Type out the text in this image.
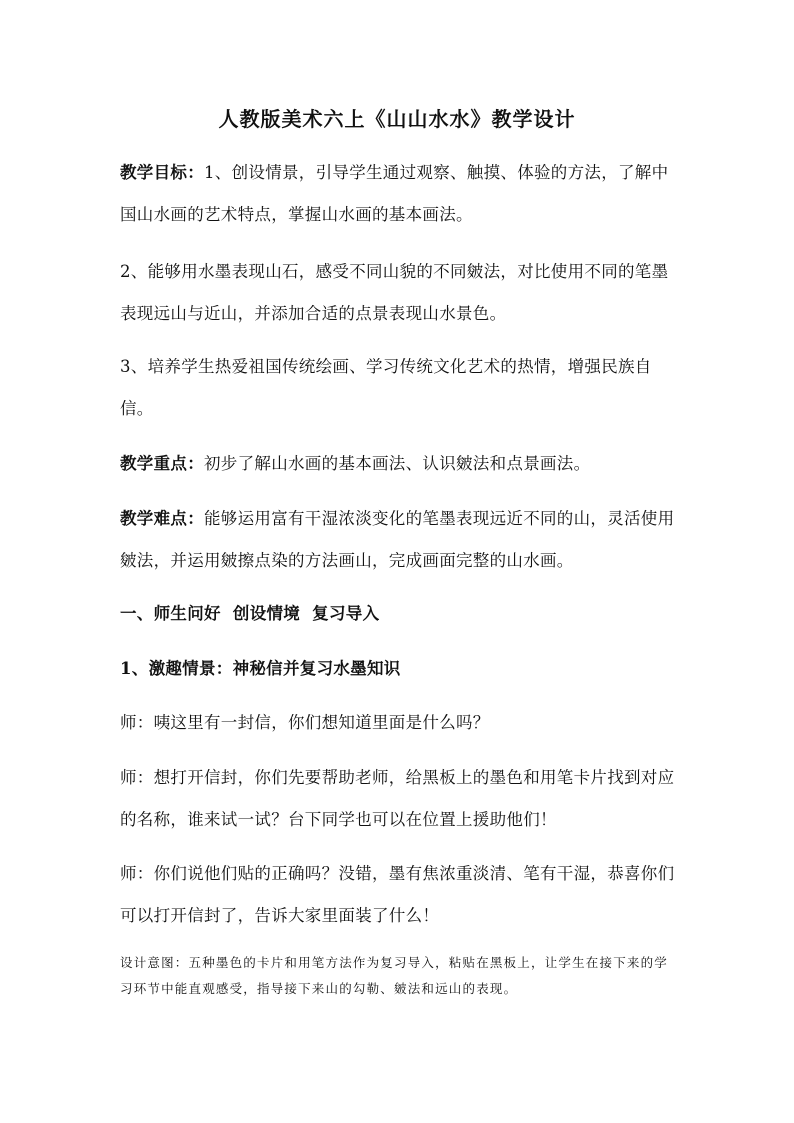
人教版美术六上《山山水水》教学设计
教学目标：1、创设情景，引导学生通过观察、触摸、体验的方法，了解中国山水画的艺术特点，掌握山水画的基本画法。
2、能够用水墨表现山石，感受不同山貌的不同皴法，对比使用不同的笔墨表现远山与近山，并添加合适的点景表现山水景色。
3、培养学生热爱祖国传统绘画、学习传统文化艺术的热情，增强民族自信。
教学重点：初步了解山水画的基本画法、认识皴法和点景画法。
教学难点：能够运用富有干湿浓淡变化的笔墨表现远近不同的山，灵活使用皴法，并运用皴擦点染的方法画山，完成画面完整的山水画。
一、师生问好  创设情境  复习导入
1、激趣情景：神秘信并复习水墨知识
师：咦这里有一封信，你们想知道里面是什么吗？
师：想打开信封，你们先要帮助老师，给黑板上的墨色和用笔卡片找到对应的名称，谁来试一试？台下同学也可以在位置上援助他们！
师：你们说他们贴的正确吗？没错，墨有焦浓重淡清、笔有干湿，恭喜你们可以打开信封了，告诉大家里面装了什么！
设计意图：五种墨色的卡片和用笔方法作为复习导入，粘贴在黑板上，让学生在接下来的学习环节中能直观感受，指导接下来山的勾勒、皴法和远山的表现。
